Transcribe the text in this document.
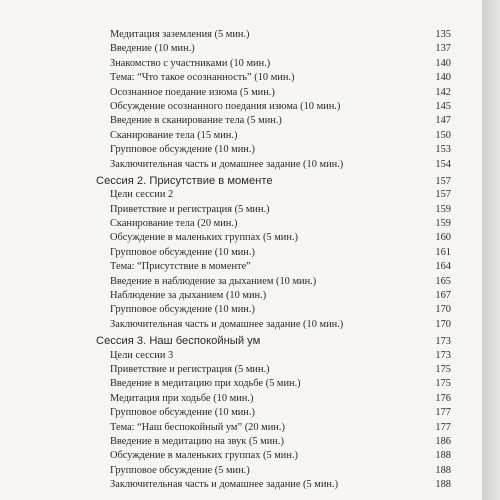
Медитация заземления (5 мин.)	135
Введение (10 мин.)	137
Знакомство с участниками (10 мин.)	140
Тема: “Что такое осознанность” (10 мин.)	140
Осознанное поедание изюма (5 мин.)	142
Обсуждение осознанного поедания изюма (10 мин.)	145
Введение в сканирование тела (5 мин.)	147
Сканирование тела (15 мин.)	150
Групповое обсуждение (10 мин.)	153
Заключительная часть и домашнее задание (10 мин.)	154
Сессия 2. Присутствие в моменте	157
Цели сессии 2	157
Приветствие и регистрация (5 мин.)	159
Сканирование тела (20 мин.)	159
Обсуждение в маленьких группах (5 мин.)	160
Групповое обсуждение (10 мин.)	161
Тема: “Присутствие в моменте”	164
Введение в наблюдение за дыханием (10 мин.)	165
Наблюдение за дыханием (10 мин.)	167
Групповое обсуждение (10 мин.)	170
Заключительная часть и домашнее задание (10 мин.)	170
Сессия 3. Наш беспокойный ум	173
Цели сессии 3	173
Приветствие и регистрация (5 мин.)	175
Введение в медитацию при ходьбе (5 мин.)	175
Медитация при ходьбе (10 мин.)	176
Групповое обсуждение (10 мин.)	177
Тема: “Наш беспокойный ум” (20 мин.)	177
Введение в медитацию на звук (5 мин.)	186
Обсуждение в маленьких группах (5 мин.)	188
Групповое обсуждение (5 мин.)	188
Заключительная часть и домашнее задание (5 мин.)	188
